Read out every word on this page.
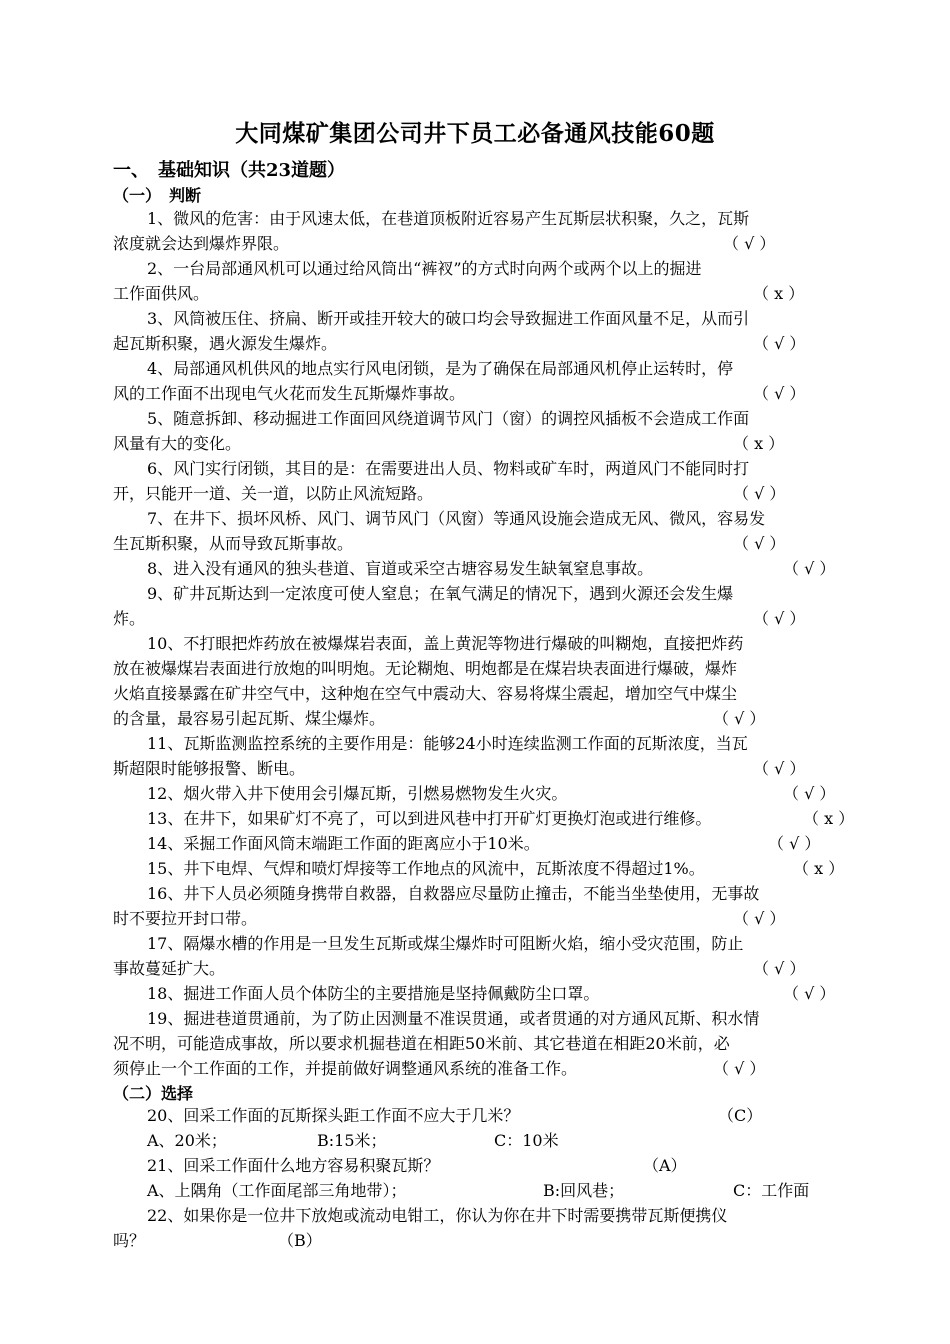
大同煤矿集团公司井下员工必备通风技能60题
一、　基础知识（共23道题）
（一）　判断
1、微风的危害：由于风速太低，在巷道顶板附近容易产生瓦斯层状积聚，久之，瓦斯
浓度就会达到爆炸界限。	（ √ ）
2、一台局部通风机可以通过给风筒出“裤衩”的方式时向两个或两个以上的掘进
工作面供风。	（ x ）
3、风筒被压住、挤扁、断开或挂开较大的破口均会导致掘进工作面风量不足，从而引
起瓦斯积聚，遇火源发生爆炸。	（ √ ）
4、局部通风机供风的地点实行风电闭锁，是为了确保在局部通风机停止运转时，停
风的工作面不出现电气火花而发生瓦斯爆炸事故。	（ √ ）
5、随意拆卸、移动掘进工作面回风绕道调节风门（窗）的调控风插板不会造成工作面
风量有大的变化。	（ x ）
6、风门实行闭锁，其目的是：在需要进出人员、物料或矿车时，两道风门不能同时打
开，只能开一道、关一道，以防止风流短路。	（ √ ）
7、在井下、损坏风桥、风门、调节风门（风窗）等通风设施会造成无风、微风，容易发
生瓦斯积聚，从而导致瓦斯事故。	（ √ ）
8、进入没有通风的独头巷道、盲道或采空古塘容易发生缺氧窒息事故。	（ √ ）
9、矿井瓦斯达到一定浓度可使人窒息；在氧气满足的情况下，遇到火源还会发生爆
炸。	（ √ ）
10、不打眼把炸药放在被爆煤岩表面，盖上黄泥等物进行爆破的叫糊炮，直接把炸药
放在被爆煤岩表面进行放炮的叫明炮。无论糊炮、明炮都是在煤岩块表面进行爆破，爆炸
火焰直接暴露在矿井空气中，这种炮在空气中震动大、容易将煤尘震起，增加空气中煤尘
的含量，最容易引起瓦斯、煤尘爆炸。	（ √ ）
11、瓦斯监测监控系统的主要作用是：能够24小时连续监测工作面的瓦斯浓度，当瓦
斯超限时能够报警、断电。	（ √ ）
12、烟火带入井下使用会引爆瓦斯，引燃易燃物发生火灾。	（ √ ）
13、在井下，如果矿灯不亮了，可以到进风巷中打开矿灯更换灯泡或进行维修。	（ x ）
14、采掘工作面风筒末端距工作面的距离应小于10米。	（ √ ）
15、井下电焊、气焊和喷灯焊接等工作地点的风流中，瓦斯浓度不得超过1%。	（ x ）
16、井下人员必须随身携带自救器，自救器应尽量防止撞击，不能当坐垫使用，无事故
时不要拉开封口带。	（ √ ）
17、隔爆水槽的作用是一旦发生瓦斯或煤尘爆炸时可阻断火焰，缩小受灾范围，防止
事故蔓延扩大。	（ √ ）
18、掘进工作面人员个体防尘的主要措施是坚持佩戴防尘口罩。	（ √ ）
19、掘进巷道贯通前，为了防止因测量不准误贯通，或者贯通的对方通风瓦斯、积水情
况不明，可能造成事故，所以要求机掘巷道在相距50米前、其它巷道在相距20米前，必
须停止一个工作面的工作，并提前做好调整通风系统的准备工作。	（ √ ）
（二）选择
20、回采工作面的瓦斯探头距工作面不应大于几米？	（C）
A、20米；	B:15米；	C：10米
21、回采工作面什么地方容易积聚瓦斯？	（A）
A、上隅角（工作面尾部三角地带）；	B:回风巷；	C：工作面
22、如果你是一位井下放炮或流动电钳工，你认为你在井下时需要携带瓦斯便携仪
吗？	（B）
